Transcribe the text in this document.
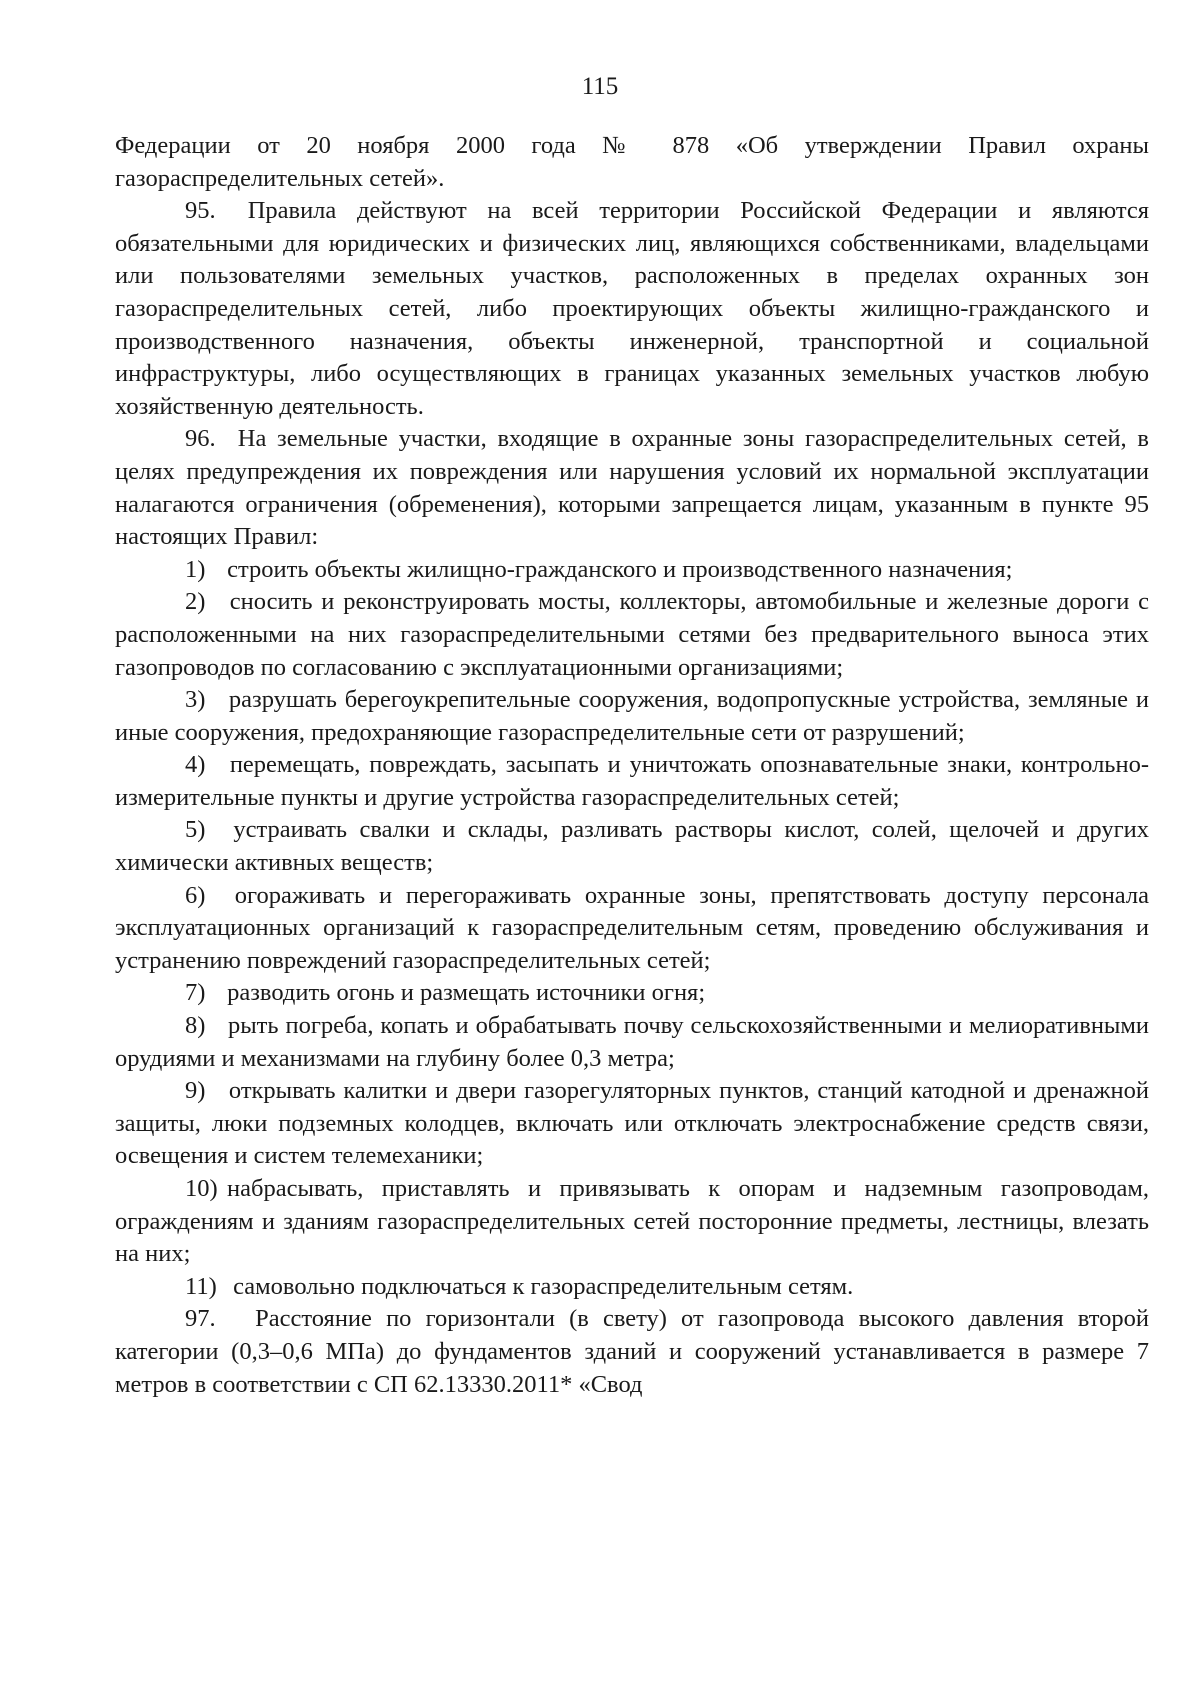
115

Федерации от 20 ноября 2000 года № 878 «Об утверждении Правил охраны газораспределительных сетей».

95. Правила действуют на всей территории Российской Федерации и являются обязательными для юридических и физических лиц, являющихся собственниками, владельцами или пользователями земельных участков, расположенных в пределах охранных зон газораспределительных сетей, либо проектирующих объекты жилищно-гражданского и производственного назначения, объекты инженерной, транспортной и социальной инфраструктуры, либо осуществляющих в границах указанных земельных участков любую хозяйственную деятельность.

96. На земельные участки, входящие в охранные зоны газораспределительных сетей, в целях предупреждения их повреждения или нарушения условий их нормальной эксплуатации налагаются ограничения (обременения), которыми запрещается лицам, указанным в пункте 95 настоящих Правил:

1) строить объекты жилищно-гражданского и производственного назначения;

2) сносить и реконструировать мосты, коллекторы, автомобильные и железные дороги с расположенными на них газораспределительными сетями без предварительного выноса этих газопроводов по согласованию с эксплуатационными организациями;

3) разрушать берегоукрепительные сооружения, водопропускные устройства, земляные и иные сооружения, предохраняющие газораспределительные сети от разрушений;

4) перемещать, повреждать, засыпать и уничтожать опознавательные знаки, контрольно-измерительные пункты и другие устройства газораспределительных сетей;

5) устраивать свалки и склады, разливать растворы кислот, солей, щелочей и других химически активных веществ;

6) огораживать и перегораживать охранные зоны, препятствовать доступу персонала эксплуатационных организаций к газораспределительным сетям, проведению обслуживания и устранению повреждений газораспределительных сетей;

7) разводить огонь и размещать источники огня;

8) рыть погреба, копать и обрабатывать почву сельскохозяйственными и мелиоративными орудиями и механизмами на глубину более 0,3 метра;

9) открывать калитки и двери газорегуляторных пунктов, станций катодной и дренажной защиты, люки подземных колодцев, включать или отключать электроснабжение средств связи, освещения и систем телемеханики;

10) набрасывать, приставлять и привязывать к опорам и надземным газопроводам, ограждениям и зданиям газораспределительных сетей посторонние предметы, лестницы, влезать на них;

11) самовольно подключаться к газораспределительным сетям.

97. Расстояние по горизонтали (в свету) от газопровода высокого давления второй категории (0,3–0,6 МПа) до фундаментов зданий и сооружений устанавливается в размере 7 метров в соответствии с СП 62.13330.2011* «Свод
